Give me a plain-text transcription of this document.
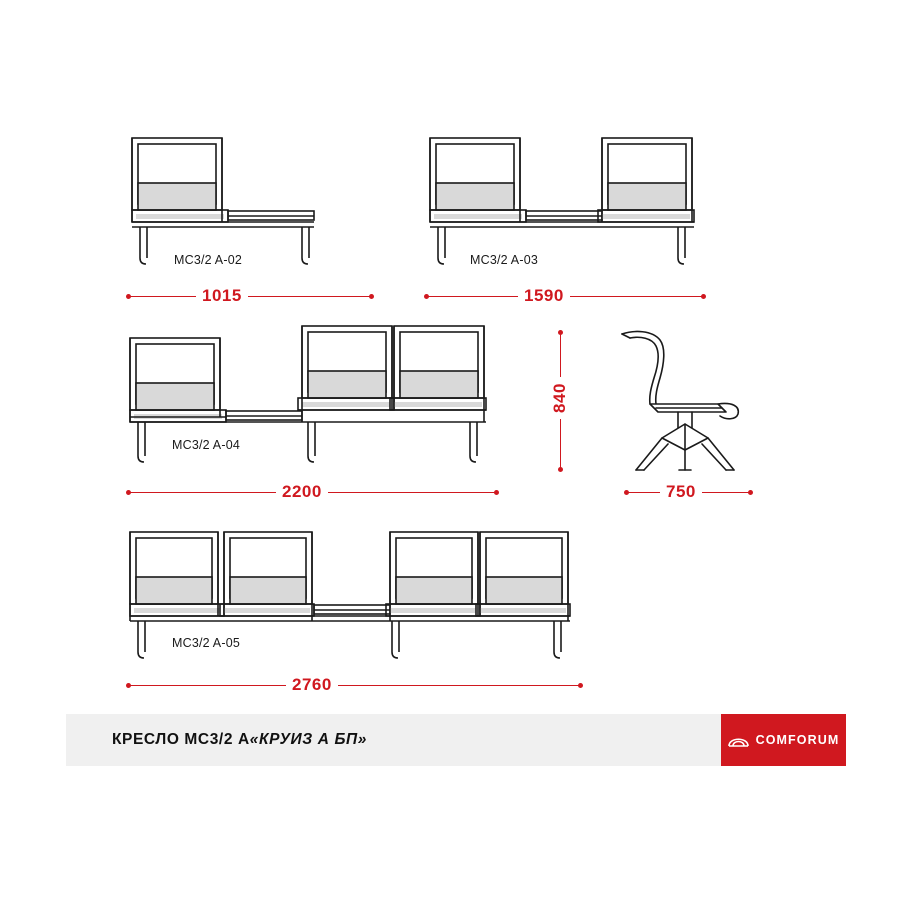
MC3/2 A-02
1015
MC3/2 A-03
1590
MC3/2 A-04
2200
840
750
MC3/2 A-05
2760
КРЕСЛО МС3/2 А «КРУИЗ А БП»	COMFORUM
